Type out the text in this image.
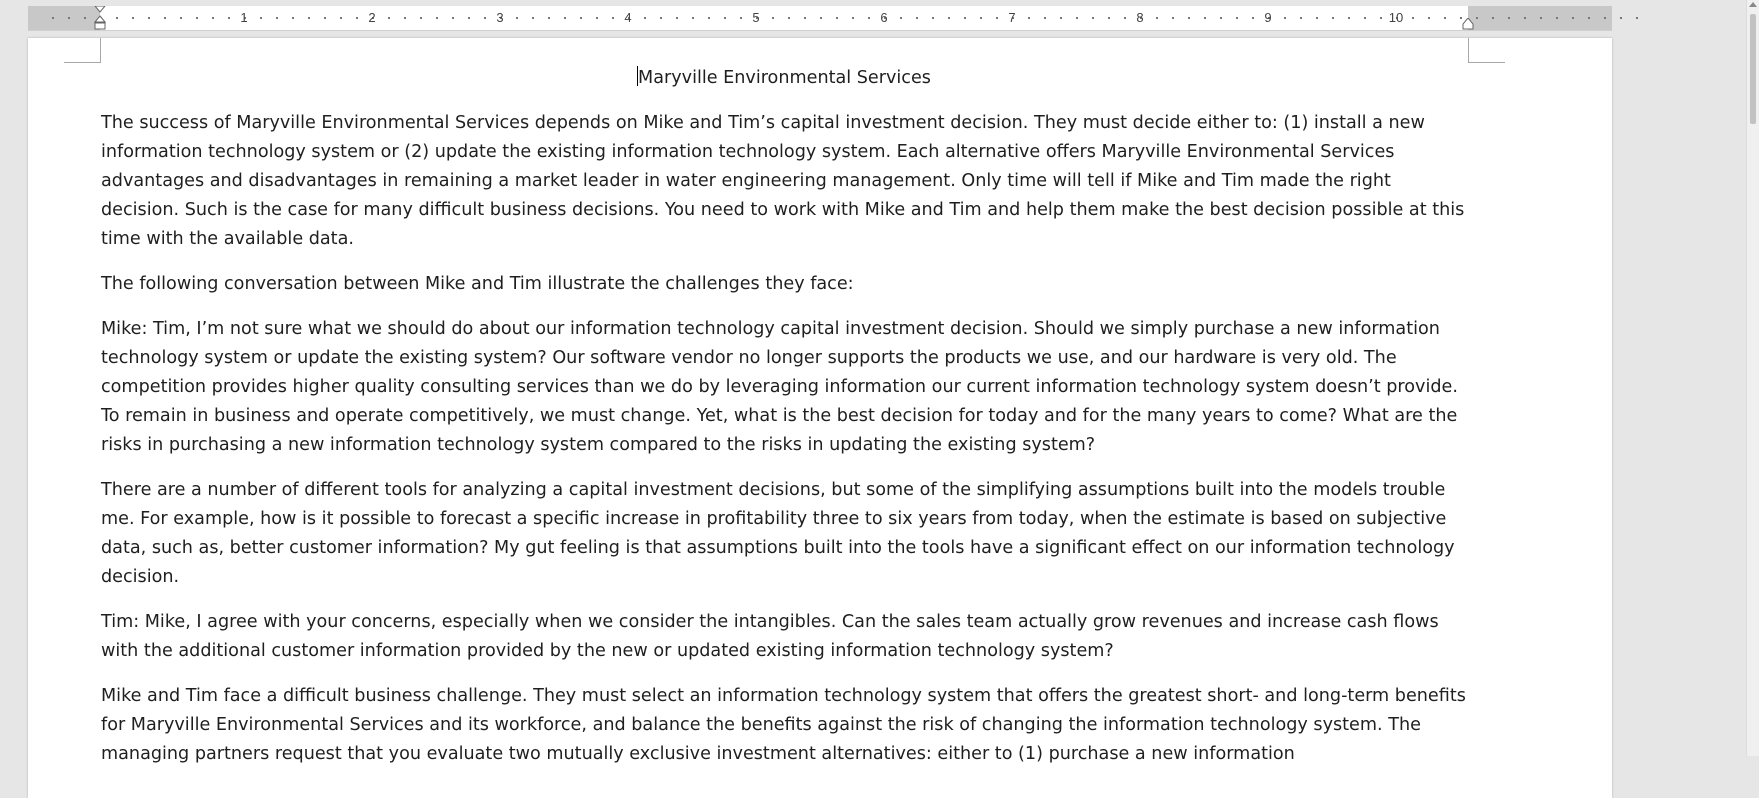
1	2	3	4	5	6	7	8	9	10
Maryville Environmental Services

The success of Maryville Environmental Services depends on Mike and Tim’s capital investment decision. They must decide either to: (1) install a new information technology system or (2) update the existing information technology system. Each alternative offers Maryville Environmental Services advantages and disadvantages in remaining a market leader in water engineering management. Only time will tell if Mike and Tim made the right decision. Such is the case for many difficult business decisions. You need to work with Mike and Tim and help them make the best decision possible at this time with the available data.

The following conversation between Mike and Tim illustrate the challenges they face:

Mike: Tim, I’m not sure what we should do about our information technology capital investment decision. Should we simply purchase a new information technology system or update the existing system? Our software vendor no longer supports the products we use, and our hardware is very old. The competition provides higher quality consulting services than we do by leveraging information our current information technology system doesn’t provide. To remain in business and operate competitively, we must change. Yet, what is the best decision for today and for the many years to come? What are the risks in purchasing a new information technology system compared to the risks in updating the existing system?

There are a number of different tools for analyzing a capital investment decisions, but some of the simplifying assumptions built into the models trouble me. For example, how is it possible to forecast a specific increase in profitability three to six years from today, when the estimate is based on subjective data, such as, better customer information? My gut feeling is that assumptions built into the tools have a significant effect on our information technology decision.

Tim: Mike, I agree with your concerns, especially when we consider the intangibles. Can the sales team actually grow revenues and increase cash flows with the additional customer information provided by the new or updated existing information technology system?

Mike and Tim face a difficult business challenge. They must select an information technology system that offers the greatest short- and long-term benefits for Maryville Environmental Services and its workforce, and balance the benefits against the risk of changing the information technology system. The managing partners request that you evaluate two mutually exclusive investment alternatives: either to (1) purchase a new information
